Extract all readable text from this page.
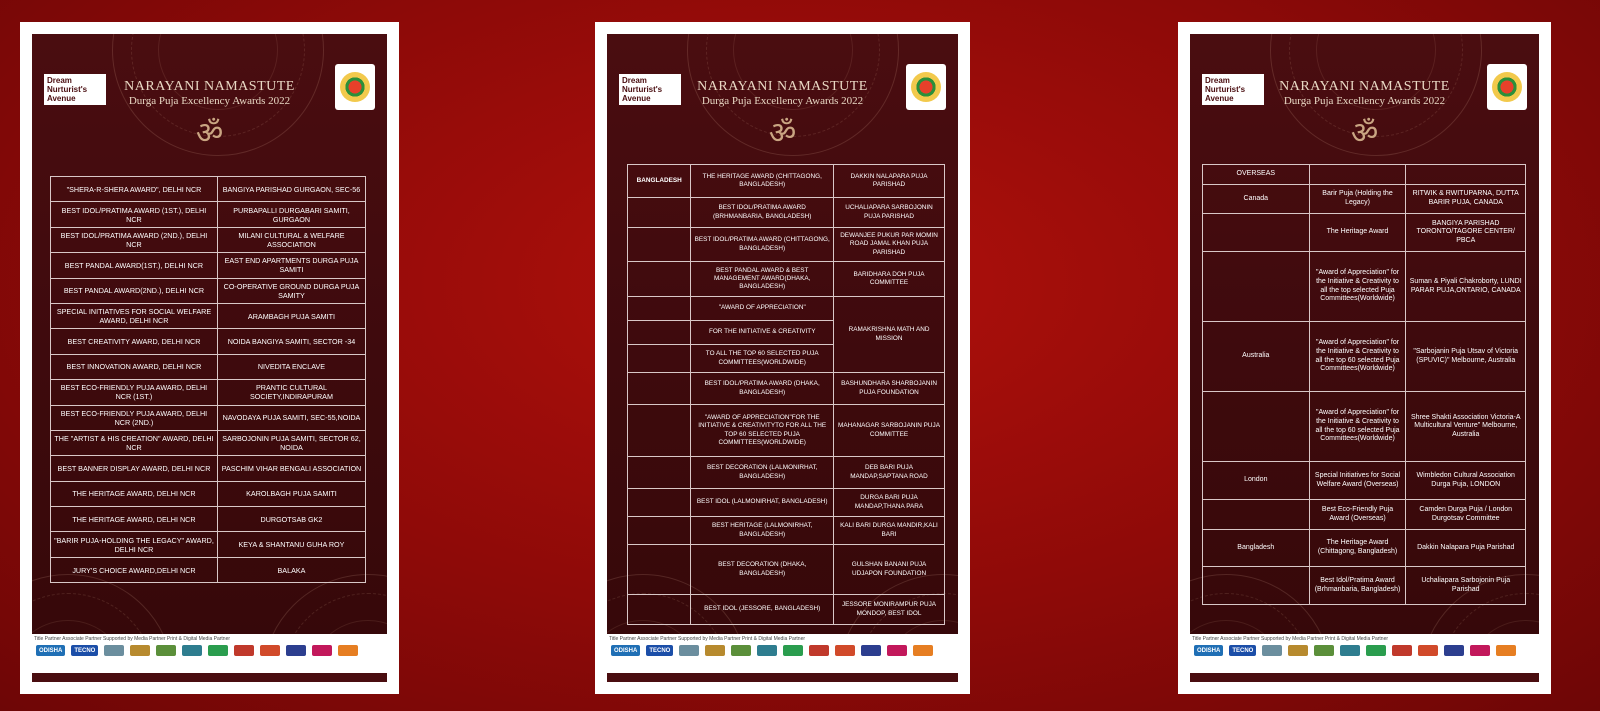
Dream Nurturist's Avenue
NARAYANI NAMASTUTE
Durga Puja Excellency Awards 2022
ॐ
"SHERA-R-SHERA AWARD", DELHI NCR	BANGIYA PARISHAD GURGAON, SEC-56
BEST IDOL/PRATIMA AWARD (1ST.), DELHI NCR	PURBAPALLI DURGABARI SAMITI, GURGAON
BEST IDOL/PRATIMA AWARD (2ND.), DELHI NCR	MILANI CULTURAL & WELFARE ASSOCIATION
BEST PANDAL AWARD(1ST.), DELHI NCR	EAST END APARTMENTS DURGA PUJA SAMITI
BEST PANDAL AWARD(2ND.), DELHI NCR	CO-OPERATIVE GROUND DURGA PUJA SAMITY
SPECIAL INITIATIVES FOR SOCIAL WELFARE AWARD, DELHI NCR	ARAMBAGH PUJA SAMITI
BEST CREATIVITY AWARD, DELHI NCR	NOIDA BANGIYA SAMITI, SECTOR -34
BEST INNOVATION AWARD, DELHI NCR	NIVEDITA ENCLAVE
BEST ECO-FRIENDLY PUJA AWARD, DELHI NCR (1ST.)	PRANTIC CULTURAL SOCIETY,INDIRAPURAM
BEST ECO-FRIENDLY PUJA AWARD, DELHI NCR (2ND.)	NAVODAYA PUJA SAMITI, SEC-55,NOIDA
THE "ARTIST & HIS CREATION" AWARD, DELHI NCR	SARBOJONIN PUJA SAMITI, SECTOR 62, NOIDA
BEST BANNER DISPLAY AWARD, DELHI NCR	PASCHIM VIHAR BENGALI ASSOCIATION
THE HERITAGE AWARD, DELHI NCR	KAROLBAGH PUJA SAMITI
THE HERITAGE AWARD, DELHI NCR	DURGOTSAB GK2
"BARIR PUJA-HOLDING THE LEGACY" AWARD, DELHI NCR	KEYA & SHANTANU GUHA ROY
JURY'S CHOICE AWARD,DELHI NCR	BALAKA
Title Partner Associate Partner Supported by Media Partner Print & Digital Media Partner
ODISHA	TECNO
Dream Nurturist's Avenue
NARAYANI NAMASTUTE
Durga Puja Excellency Awards 2022
ॐ
BANGLADESH	THE HERITAGE AWARD (CHITTAGONG, BANGLADESH)	DAKKIN NALAPARA PUJA PARISHAD
	BEST IDOL/PRATIMA AWARD (BRHMANBARIA, BANGLADESH)	UCHALIAPARA SARBOJONIN PUJA PARISHAD
	BEST IDOL/PRATIMA AWARD (CHITTAGONG, BANGLADESH)	DEWANJEE PUKUR PAR MOMIN ROAD JAMAL KHAN PUJA PARISHAD
	BEST PANDAL AWARD & BEST MANAGEMENT AWARD(DHAKA, BANGLADESH)	BARIDHARA DOH PUJA COMMITTEE
	"AWARD OF APPRECIATION"	RAMAKRISHNA MATH AND MISSION
	FOR THE INITIATIVE & CREATIVITY	
	TO ALL THE TOP 60 SELECTED PUJA COMMITTEES(WORLDWIDE)	
	BEST IDOL/PRATIMA AWARD (DHAKA, BANGLADESH)	BASHUNDHARA SHARBOJANIN PUJA FOUNDATION
	"AWARD OF APPRECIATION"FOR THE INITIATIVE & CREATIVITYTO FOR ALL THE TOP 60 SELECTED PUJA COMMITTEES(WORLDWIDE)	MAHANAGAR SARBOJANIN PUJA COMMITTEE
	BEST DECORATION (LALMONIRHAT, BANGLADESH)	DEB BARI PUJA MANDAP,SAPTANA ROAD
	BEST IDOL (LALMONIRHAT, BANGLADESH)	DURGA BARI PUJA MANDAP,THANA PARA
	BEST HERITAGE (LALMONIRHAT, BANGLADESH)	KALI BARI DURGA MANDIR,KALI BARI
	BEST DECORATION (DHAKA, BANGLADESH)	GULSHAN BANANI PUJA UDJAPON FOUNDATION
	BEST IDOL (JESSORE, BANGLADESH)	JESSORE MONIRAMPUR PUJA MONDOP, BEST IDOL
Title Partner Associate Partner Supported by Media Partner Print & Digital Media Partner
ODISHA	TECNO
Dream Nurturist's Avenue
NARAYANI NAMASTUTE
Durga Puja Excellency Awards 2022
ॐ
OVERSEAS		
Canada	Barir Puja (Holding the Legacy)	RITWIK & RWITUPARNA, DUTTA BARIR PUJA, CANADA
	The Heritage Award	BANGIYA PARISHAD TORONTO/TAGORE CENTER/ PBCA
	"Award of Appreciation" for the Initiative & Creativity to all the top selected Puja Committees(Worldwide)	Suman & Piyali Chakroborty, LUNDI PARAR PUJA,ONTARIO, CANADA
Australia	"Award of Appreciation" for the Initiative & Creativity to all the top 60 selected Puja Committees(Worldwide)	"Sarbojanin Puja Utsav of Victoria (SPUVIC)" Melbourne, Australia
	"Award of Appreciation" for the Initiative & Creativity to all the top 60 selected Puja Committees(Worldwide)	Shree Shakti Association Victoria-A Multicultural Venture" Melbourne, Australia
London	Special Initiatives for Social Welfare Award (Overseas)	Wimbledon Cultural Association Durga Puja, LONDON
	Best Eco-Friendly Puja Award (Overseas)	Camden Durga Puja / London Durgotsav Committee
Bangladesh	The Heritage Award (Chittagong, Bangladesh)	Dakkin Nalapara Puja Parishad
	Best Idol/Pratima Award (Brhmanbaria, Bangladesh)	Uchaliapara Sarbojonin Puja Parishad
Title Partner Associate Partner Supported by Media Partner Print & Digital Media Partner
ODISHA	TECNO
